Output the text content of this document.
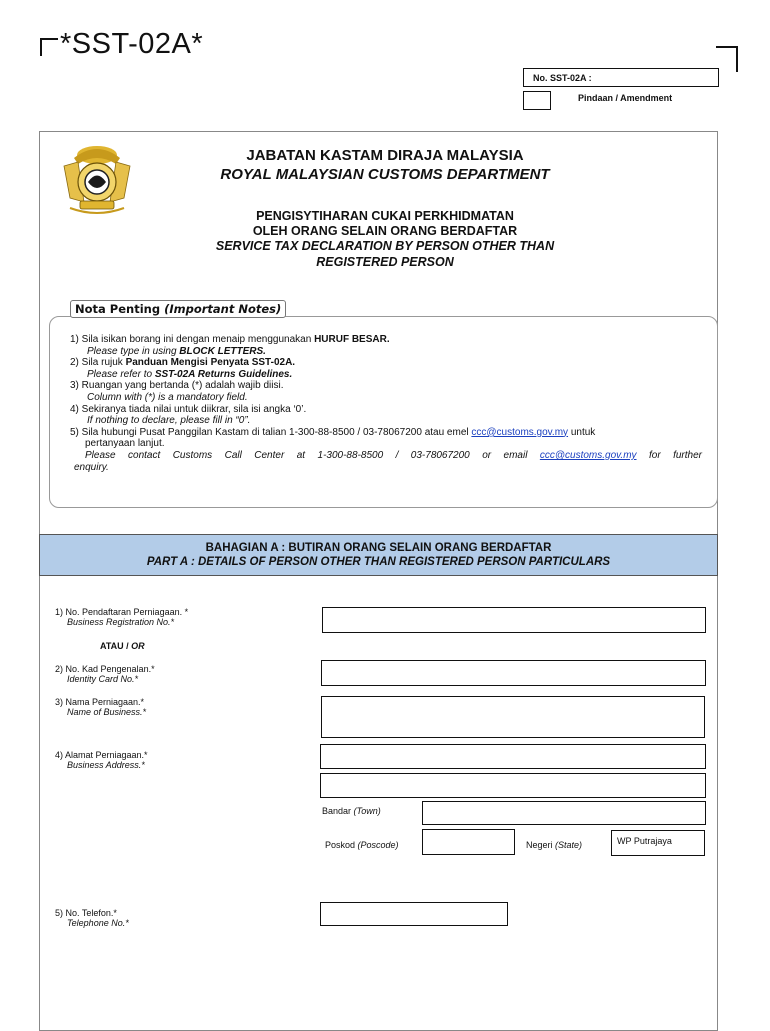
*SST-02A*
No. SST-02A :
Pindaan / Amendment
JABATAN KASTAM DIRAJA MALAYSIA
ROYAL MALAYSIAN CUSTOMS DEPARTMENT
PENGISYTIHARAN CUKAI PERKHIDMATAN
OLEH ORANG SELAIN ORANG BERDAFTAR
SERVICE TAX DECLARATION BY PERSON OTHER THAN
REGISTERED PERSON
Nota Penting (Important Notes)
1) Sila isikan borang ini dengan menaip menggunakan HURUF BESAR.
Please type in using BLOCK LETTERS.
2) Sila rujuk Panduan Mengisi Penyata SST-02A.
Please refer to SST-02A Returns Guidelines.
3) Ruangan yang bertanda (*) adalah wajib diisi.
Column with (*) is a mandatory field.
4) Sekiranya tiada nilai untuk diikrar, sila isi angka ‘0’.
If nothing to declare, please fill in “0”.
5) Sila hubungi Pusat Panggilan Kastam di talian 1-300-88-8500 / 03-78067200 atau emel ccc@customs.gov.my untuk
pertanyaan lanjut.
Please contact Customs Call Center at 1-300-88-8500 / 03-78067200 or email ccc@customs.gov.my for further
enquiry.
BAHAGIAN A : BUTIRAN ORANG SELAIN ORANG BERDAFTAR
PART A : DETAILS OF PERSON OTHER THAN REGISTERED PERSON PARTICULARS
1) No. Pendaftaran Perniagaan. *
Business Registration No.*
ATAU / OR
2) No. Kad Pengenalan.*
Identity Card No.*
3) Nama Perniagaan.*
Name of Business.*
4) Alamat Perniagaan.*
Business Address.*
Bandar (Town)
Poskod (Poscode)	Negeri (State)	WP Putrajaya
5) No. Telefon.*
Telephone No.*
